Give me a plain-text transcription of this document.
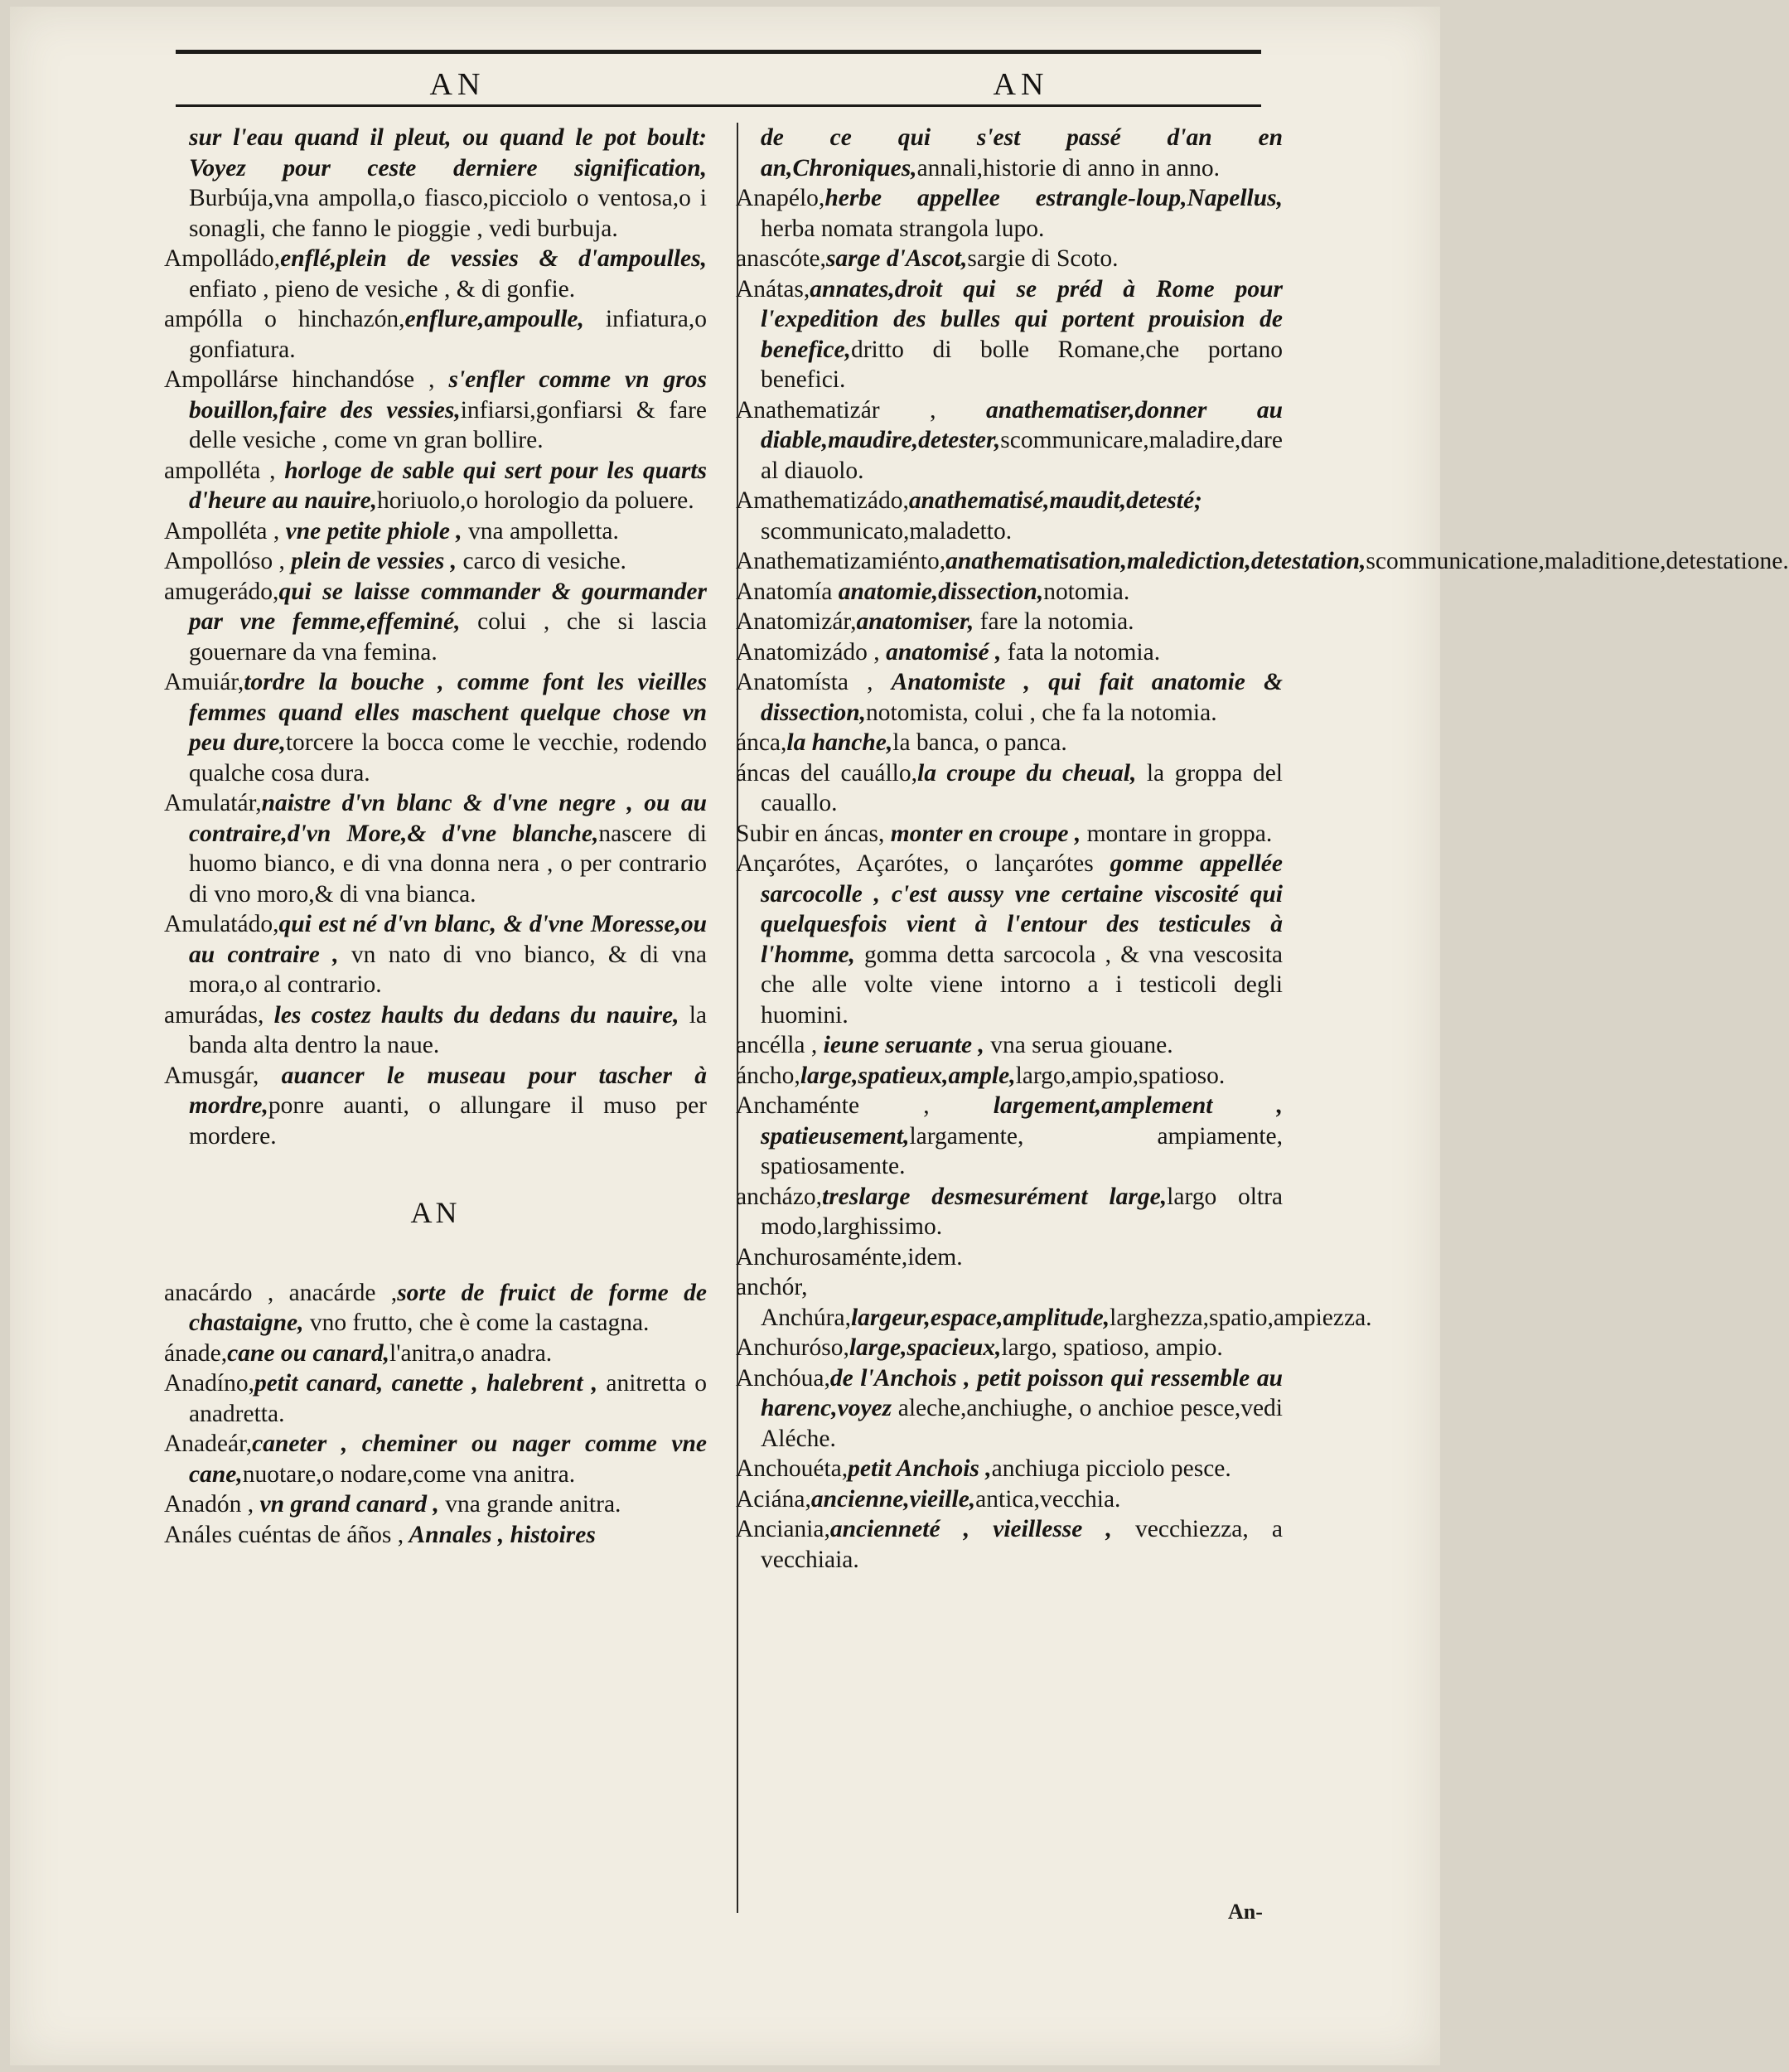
AN	AN

sur l'eau quand il pleut, ou quand le pot boult: Voyez pour ceste derniere signification, Burbúja,vna ampolla,o fiasco,picciolo o ventosa,o i sonagli, che fanno le pioggie , vedi burbuja.

Ampolládo,enflé,plein de vessies & d'ampoulles, enfiato , pieno de vesiche , & di gonfie.

ampólla o hinchazón,enflure,ampoulle, infiatura,o gonfiatura.

Ampollárse hinchandóse , s'enfler comme vn gros bouillon,faire des vessies,infiarsi,gonfiarsi & fare delle vesiche , come vn gran bollire.

ampolléta , horloge de sable qui sert pour les quarts d'heure au nauire,horiuolo,o horologio da poluere.

Ampolléta , vne petite phiole , vna ampolletta.

Ampollóso , plein de vessies , carco di vesiche.

amugerádo,qui se laisse commander & gourmander par vne femme,effeminé, colui , che si lascia gouernare da vna femina.

Amuiár,tordre la bouche , comme font les vieilles femmes quand elles maschent quelque chose vn peu dure,torcere la bocca come le vecchie, rodendo qualche cosa dura.

Amulatár,naistre d'vn blanc & d'vne negre , ou au contraire,d'vn More,& d'vne blanche,nascere di huomo bianco, e di vna donna nera , o per contrario di vno moro,& di vna bianca.

Amulatádo,qui est né d'vn blanc, & d'vne Moresse,ou au contraire , vn nato di vno bianco, & di vna mora,o al contrario.

amurádas, les costez haults du dedans du nauire, la banda alta dentro la naue.

Amusgár, auancer le museau pour tascher à mordre,ponre auanti, o allungare il muso per mordere.

AN

anacárdo , anacárde ,sorte de fruict de forme de chastaigne, vno frutto, che è come la castagna.

ánade,cane ou canard,l'anitra,o anadra.

Anadíno,petit canard, canette , halebrent , anitretta o anadretta.

Anadeár,caneter , cheminer ou nager comme vne cane,nuotare,o nodare,come vna anitra.

Anadón , vn grand canard , vna grande anitra.

Análes cuéntas de áños , Annales , histoires

de ce qui s'est passé d'an en an,Chroniques,annali,historie di anno in anno.

Anapélo,herbe appellee estrangle-loup,Napellus, herba nomata strangola lupo.

anascóte,sarge d'Ascot,sargie di Scoto.

Anátas,annates,droit qui se préd à Rome pour l'expedition des bulles qui portent prouision de benefice,dritto di bolle Romane,che portano benefici.

Anathematizár , anathematiser,donner au diable,maudire,detester,scommunicare,maladire,dare al diauolo.

Amathematizádo,anathematisé,maudit,detesté; scommunicato,maladetto.

Anathematizamiénto,anathematisation,malediction,detestation,scommunicatione,maladitione,detestatione.

Anatomía anatomie,dissection,notomia.

Anatomizár,anatomiser, fare la notomia.

Anatomizádo , anatomisé , fata la notomia.

Anatomísta , Anatomiste , qui fait anatomie & dissection,notomista, colui , che fa la notomia.

ánca,la hanche,la banca, o panca.

áncas del cauállo,la croupe du cheual, la groppa del cauallo.

Subir en áncas, monter en croupe , montare in groppa.

Ançarótes, Açarótes, o lançarótes gomme appellée sarcocolle , c'est aussy vne certaine viscosité qui quelquesfois vient à l'entour des testicules à l'homme, gomma detta sarcocola , & vna vescosita che alle volte viene intorno a i testicoli degli huomini.

ancélla , ieune seruante , vna serua giouane.

áncho,large,spatieux,ample,largo,ampio,spatioso.

Anchaménte , largement,amplement , spatieusement,largamente, ampiamente, spatiosamente.

ancházo,treslarge desmesurément large,largo oltra modo,larghissimo.

Anchurosaménte,idem.

anchór, Anchúra,largeur,espace,amplitude,larghezza,spatio,ampiezza.

Anchuróso,large,spacieux,largo, spatioso, ampio.

Anchóua,de l'Anchois , petit poisson qui ressemble au harenc,voyez aleche,anchiughe, o anchioe pesce,vedi Aléche.

Anchouéta,petit Anchois ,anchiuga picciolo pesce.

Aciána,ancienne,vieille,antica,vecchia.

Anciania,ancienneté , vieillesse , vecchiezza, a vecchiaia.

An-
